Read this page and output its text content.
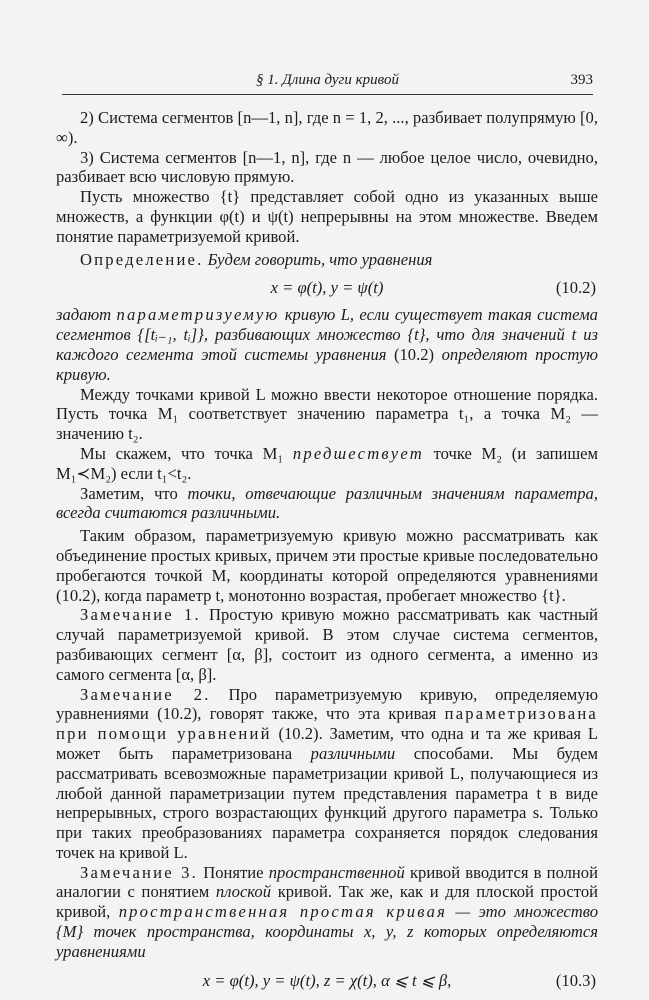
§ 1. Длина дуги кривой	393

2) Система сегментов [n—1, n], где n = 1, 2, ..., разбивает полупрямую [0, ∞).

3) Система сегментов [n—1, n], где n — любое целое число, очевидно, разбивает всю числовую прямую.

Пусть множество {t} представляет собой одно из указанных выше множеств, а функции φ(t) и ψ(t) непрерывны на этом множестве. Введем понятие параметризуемой кривой.

Определение. Будем говорить, что уравнения

x = φ(t), y = ψ(t)	(10.2)

задают параметризуемую кривую L, если существует такая система сегментов {[tᵢ₋₁, tᵢ]}, разбивающих множество {t}, что для значений t из каждого сегмента этой системы уравнения (10.2) определяют простую кривую.

Между точками кривой L можно ввести некоторое отношение порядка. Пусть точка M₁ соответствует значению параметра t₁, а точка M₂ — значению t₂.

Мы скажем, что точка M₁ предшествует точке M₂ (и запишем M₁≺M₂) если t₁<t₂.

Заметим, что точки, отвечающие различным значениям параметра, всегда считаются различными.

Таким образом, параметризуемую кривую можно рассматривать как объединение простых кривых, причем эти простые кривые последовательно пробегаются точкой M, координаты которой определяются уравнениями (10.2), когда параметр t, монотонно возрастая, пробегает множество {t}.

Замечание 1. Простую кривую можно рассматривать как частный случай параметризуемой кривой. В этом случае система сегментов, разбивающих сегмент [α, β], состоит из одного сегмента, а именно из самого сегмента [α, β].

Замечание 2. Про параметризуемую кривую, определяемую уравнениями (10.2), говорят также, что эта кривая параметризована при помощи уравнений (10.2). Заметим, что одна и та же кривая L может быть параметризована различными способами. Мы будем рассматривать всевозможные параметризации кривой L, получающиеся из любой данной параметризации путем представления параметра t в виде непрерывных, строго возрастающих функций другого параметра s. Только при таких преобразованиях параметра сохраняется порядок следования точек на кривой L.

Замечание 3. Понятие пространственной кривой вводится в полной аналогии с понятием плоской кривой. Так же, как и для плоской простой кривой, пространственная простая кривая — это множество {M} точек пространства, координаты x, y, z которых определяются уравнениями

x = φ(t), y = ψ(t), z = χ(t), α ⩽ t ⩽ β,	(10.3)
